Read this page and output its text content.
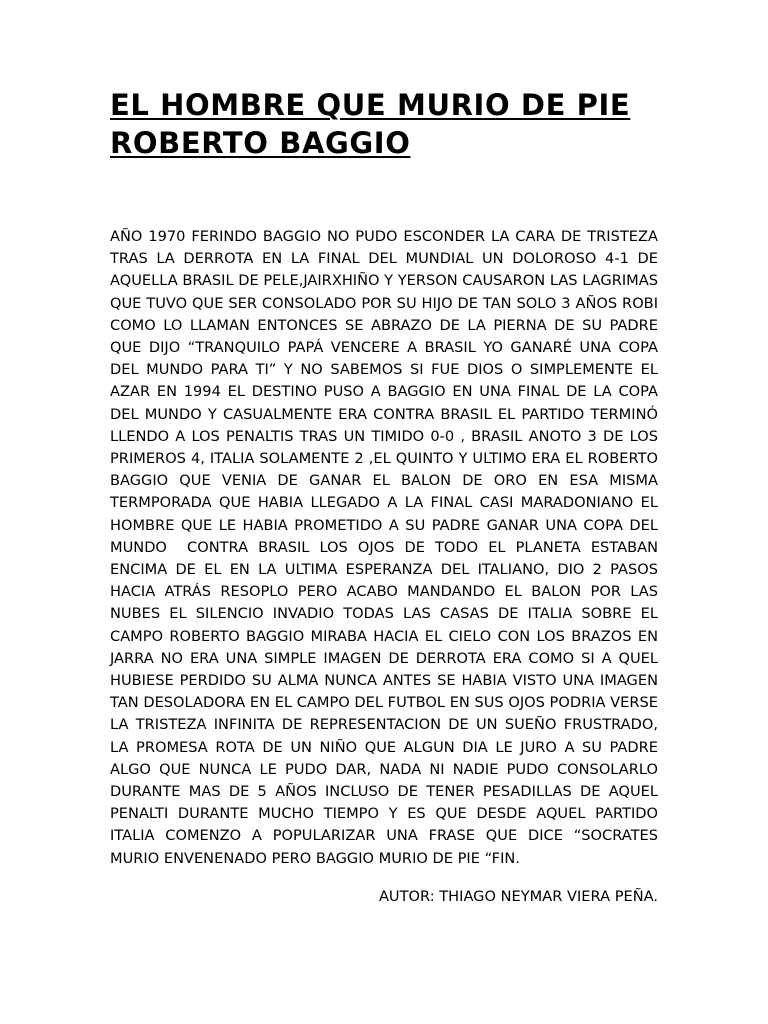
EL HOMBRE QUE MURIO DE PIE ROBERTO BAGGIO

AÑO 1970 FERINDO BAGGIO NO PUDO ESCONDER LA CARA DE TRISTEZA TRAS LA DERROTA EN LA FINAL DEL MUNDIAL UN DOLOROSO 4-1 DE AQUELLA BRASIL DE PELE,JAIRXHIÑO Y YERSON CAUSARON LAS LAGRIMAS QUE TUVO QUE SER CONSOLADO POR SU HIJO DE TAN SOLO 3 AÑOS ROBI COMO LO LLAMAN ENTONCES SE ABRAZO DE LA PIERNA DE SU PADRE QUE DIJO “TRANQUILO PAPÁ VENCERE A BRASIL YO GANARÉ UNA COPA DEL MUNDO PARA TI” Y NO SABEMOS SI FUE DIOS O SIMPLEMENTE EL AZAR EN 1994 EL DESTINO PUSO A BAGGIO EN UNA FINAL DE LA COPA DEL MUNDO Y CASUALMENTE ERA CONTRA BRASIL EL PARTIDO TERMINÓ LLENDO A LOS PENALTIS TRAS UN TIMIDO 0-0 , BRASIL ANOTO 3 DE LOS PRIMEROS 4, ITALIA SOLAMENTE 2 ,EL QUINTO Y ULTIMO ERA EL ROBERTO BAGGIO QUE VENIA DE GANAR EL BALON DE ORO EN ESA MISMA TERMPORADA QUE HABIA LLEGADO A LA FINAL CASI MARADONIANO EL HOMBRE QUE LE HABIA PROMETIDO A SU PADRE GANAR UNA COPA DEL MUNDO  CONTRA BRASIL LOS OJOS DE TODO EL PLANETA ESTABAN ENCIMA DE EL EN LA ULTIMA ESPERANZA DEL ITALIANO, DIO 2 PASOS HACIA ATRÁS RESOPLO PERO ACABO MANDANDO EL BALON POR LAS NUBES EL SILENCIO INVADIO TODAS LAS CASAS DE ITALIA SOBRE EL CAMPO ROBERTO BAGGIO MIRABA HACIA EL CIELO CON LOS BRAZOS EN JARRA NO ERA UNA SIMPLE IMAGEN DE DERROTA ERA COMO SI A QUEL HUBIESE PERDIDO SU ALMA NUNCA ANTES SE HABIA VISTO UNA IMAGEN TAN DESOLADORA EN EL CAMPO DEL FUTBOL EN SUS OJOS PODRIA VERSE LA TRISTEZA INFINITA DE REPRESENTACION DE UN SUEÑO FRUSTRADO, LA PROMESA ROTA DE UN NIÑO QUE ALGUN DIA LE JURO A SU PADRE ALGO QUE NUNCA LE PUDO DAR, NADA NI NADIE PUDO CONSOLARLO DURANTE MAS DE 5 AÑOS INCLUSO DE TENER PESADILLAS DE AQUEL PENALTI DURANTE MUCHO TIEMPO Y ES QUE DESDE AQUEL PARTIDO ITALIA COMENZO A POPULARIZAR UNA FRASE QUE DICE “SOCRATES MURIO ENVENENADO PERO BAGGIO MURIO DE PIE “FIN.

AUTOR: THIAGO NEYMAR VIERA PEÑA.
